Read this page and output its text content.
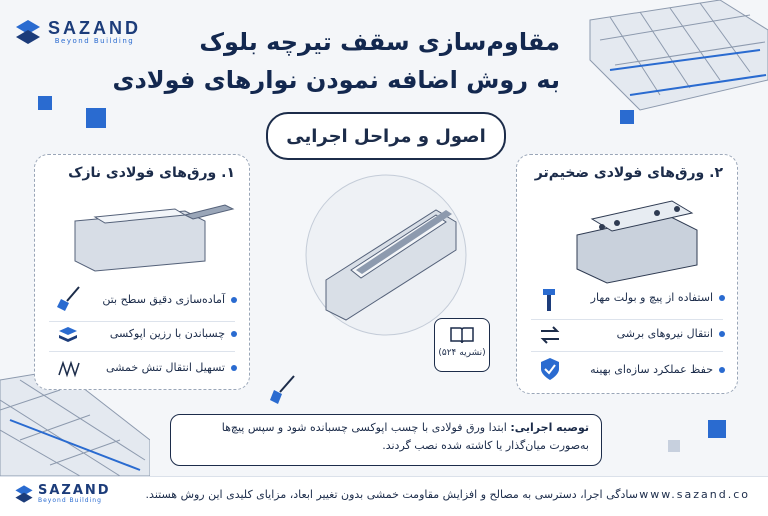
SAZAND
Beyond Building	مقاوم‌سازی سقف تیرچه بلوک
به روش اضافه نمودن نوارهای فولادی
اصول و مراحل اجرایی
۱. ورق‌های فولادی نازک
آماده‌سازی دقیق سطح بتن
چسباندن با رزین اپوکسی
تسهیل انتقال تنش خمشی
۲. ورق‌های فولادی ضخیم‌تر
استفاده از پیچ و بولت مهار
انتقال نیروهای برشی
حفظ عملکرد سازه‌ای بهینه
(نشریه ۵۲۴)
توصیه اجرایی: ابتدا ورق فولادی با چسب اپوکسی چسبانده شود و سپس پیچ‌ها به‌صورت میان‌گذار یا کاشته شده نصب گردند.
SAZAND
Beyond Building	سادگی اجرا، دسترسی به مصالح و افزایش مقاومت خمشی بدون تغییر ابعاد، مزایای کلیدی این روش هستند. www.sazand.co
